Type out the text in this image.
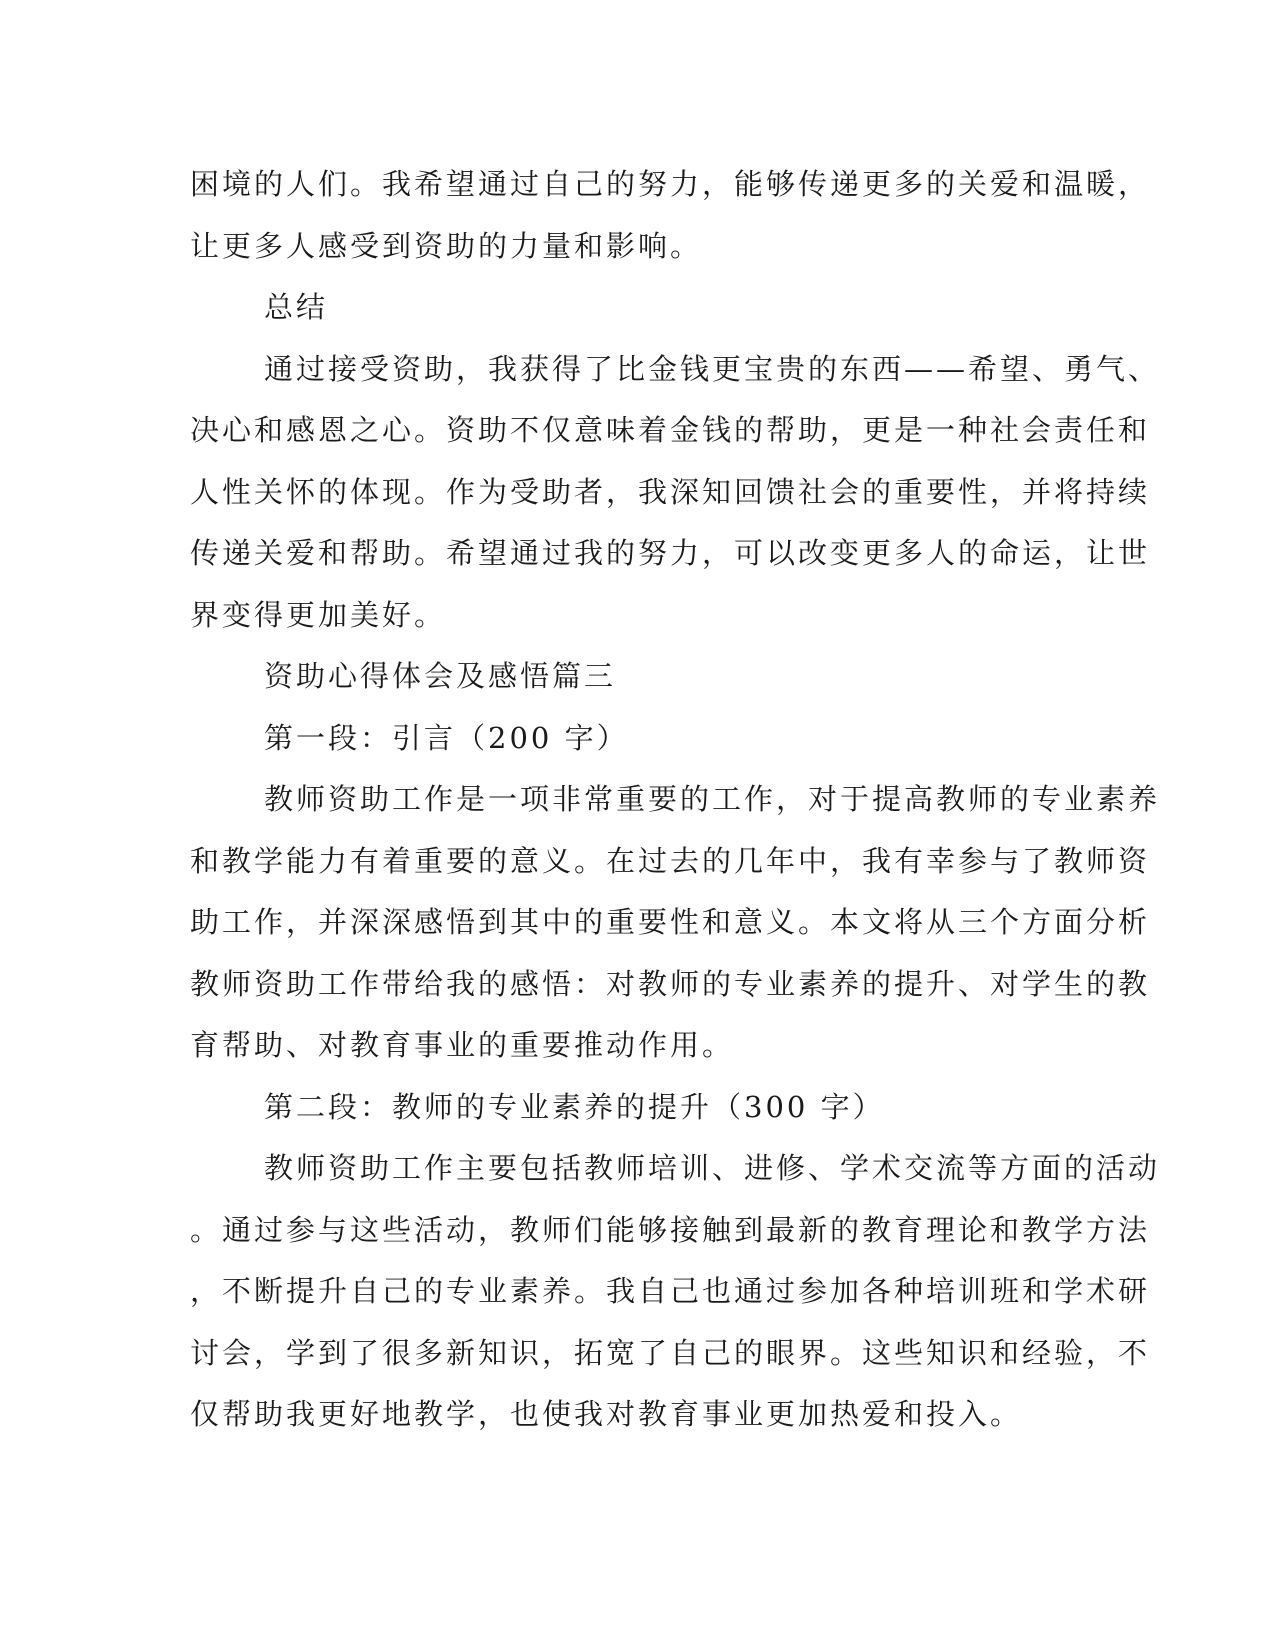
困境的人们。我希望通过自己的努力，能够传递更多的关爱和温暖，
让更多人感受到资助的力量和影响。
总结
通过接受资助，我获得了比金钱更宝贵的东西——希望、勇气、
决心和感恩之心。资助不仅意味着金钱的帮助，更是一种社会责任和
人性关怀的体现。作为受助者，我深知回馈社会的重要性，并将持续
传递关爱和帮助。希望通过我的努力，可以改变更多人的命运，让世
界变得更加美好。
资助心得体会及感悟篇三
第一段：引言（200 字）
教师资助工作是一项非常重要的工作，对于提高教师的专业素养
和教学能力有着重要的意义。在过去的几年中，我有幸参与了教师资
助工作，并深深感悟到其中的重要性和意义。本文将从三个方面分析
教师资助工作带给我的感悟：对教师的专业素养的提升、对学生的教
育帮助、对教育事业的重要推动作用。
第二段：教师的专业素养的提升（300 字）
教师资助工作主要包括教师培训、进修、学术交流等方面的活动
。通过参与这些活动，教师们能够接触到最新的教育理论和教学方法
，不断提升自己的专业素养。我自己也通过参加各种培训班和学术研
讨会，学到了很多新知识，拓宽了自己的眼界。这些知识和经验，不
仅帮助我更好地教学，也使我对教育事业更加热爱和投入。
